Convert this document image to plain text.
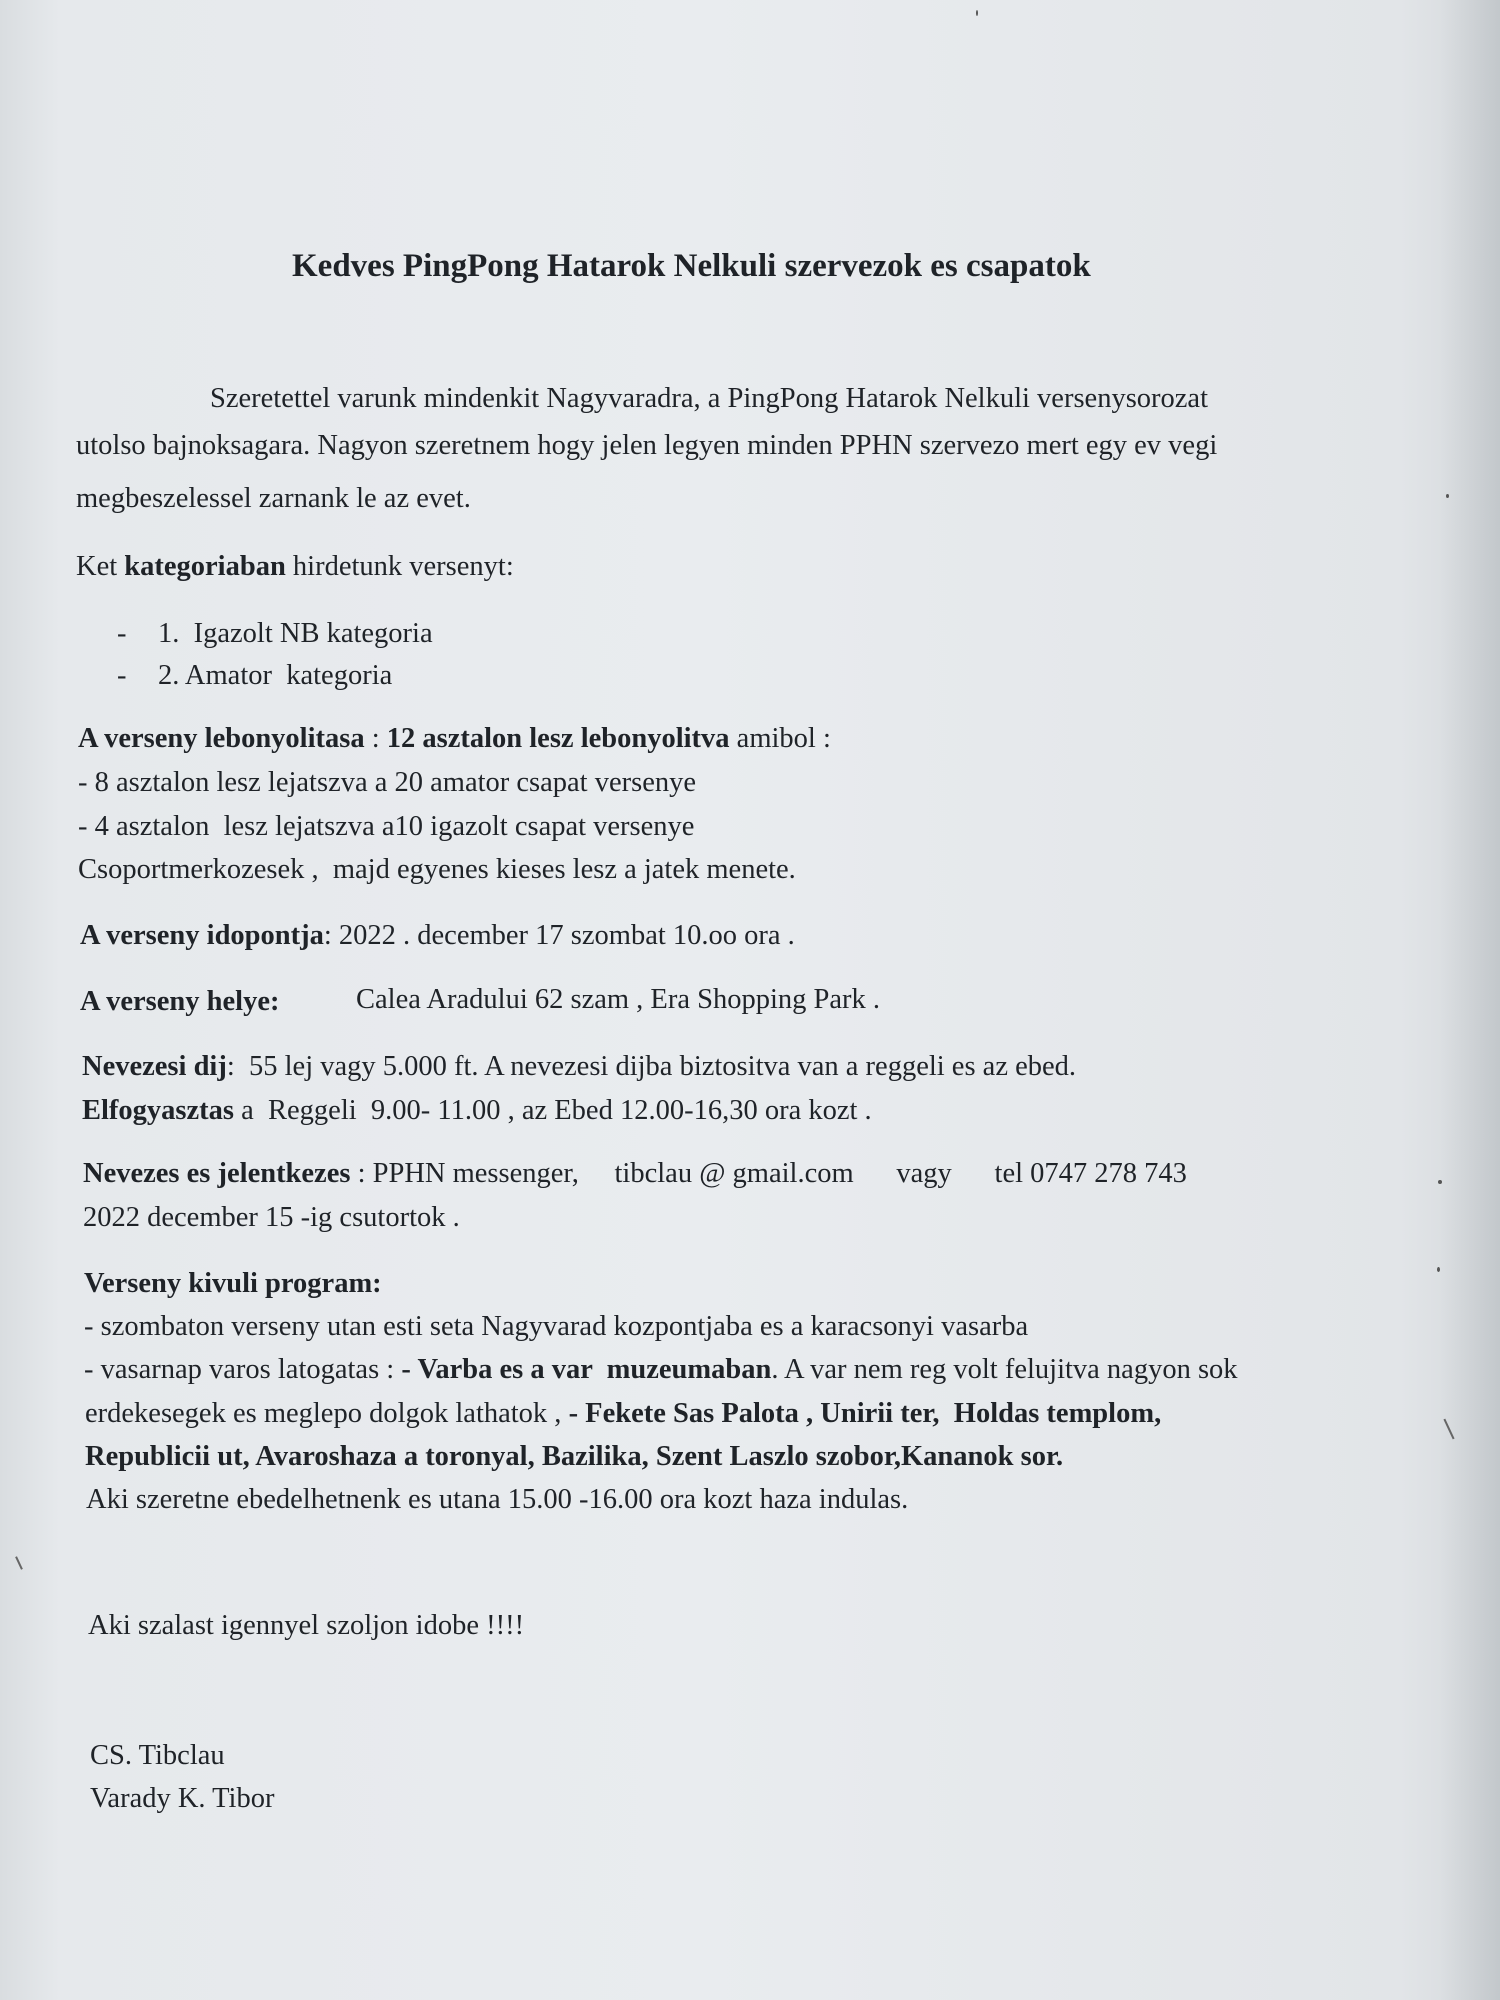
Kedves PingPong Hatarok Nelkuli szervezok es csapatok
Szeretettel varunk mindenkit Nagyvaradra, a PingPong Hatarok Nelkuli versenysorozat
utolso bajnoksagara. Nagyon szeretnem hogy jelen legyen minden PPHN szervezo mert egy ev vegi
megbeszelessel zarnank le az evet.
Ket kategoriaban hirdetunk versenyt:
- 1.  Igazolt NB kategoria
- 2. Amator  kategoria
A verseny lebonyolitasa : 12 asztalon lesz lebonyolitva amibol :
- 8 asztalon lesz lejatszva a 20 amator csapat versenye
- 4 asztalon  lesz lejatszva a10 igazolt csapat versenye
Csoportmerkozesek ,  majd egyenes kieses lesz a jatek menete.
A verseny idopontja: 2022 . december 17 szombat 10.oo ora .
A verseny helye:	Calea Aradului 62 szam , Era Shopping Park .
Nevezesi dij:  55 lej vagy 5.000 ft. A nevezesi dijba biztositva van a reggeli es az ebed.
Elfogyasztas a  Reggeli  9.00- 11.00 , az Ebed 12.00-16,30 ora kozt .
Nevezes es jelentkezes : PPHN messenger,     tibclau @ gmail.com      vagy      tel 0747 278 743
2022 december 15 -ig csutortok .
Verseny kivuli program:
- szombaton verseny utan esti seta Nagyvarad kozpontjaba es a karacsonyi vasarba
- vasarnap varos latogatas : - Varba es a var  muzeumaban. A var nem reg volt felujitva nagyon sok
erdekesegek es meglepo dolgok lathatok , - Fekete Sas Palota , Unirii ter,  Holdas templom,
Republicii ut, Avaroshaza a toronyal, Bazilika, Szent Laszlo szobor,Kananok sor.
Aki szeretne ebedelhetnenk es utana 15.00 -16.00 ora kozt haza indulas.
Aki szalast igennyel szoljon idobe !!!!
CS. Tibclau
Varady K. Tibor
